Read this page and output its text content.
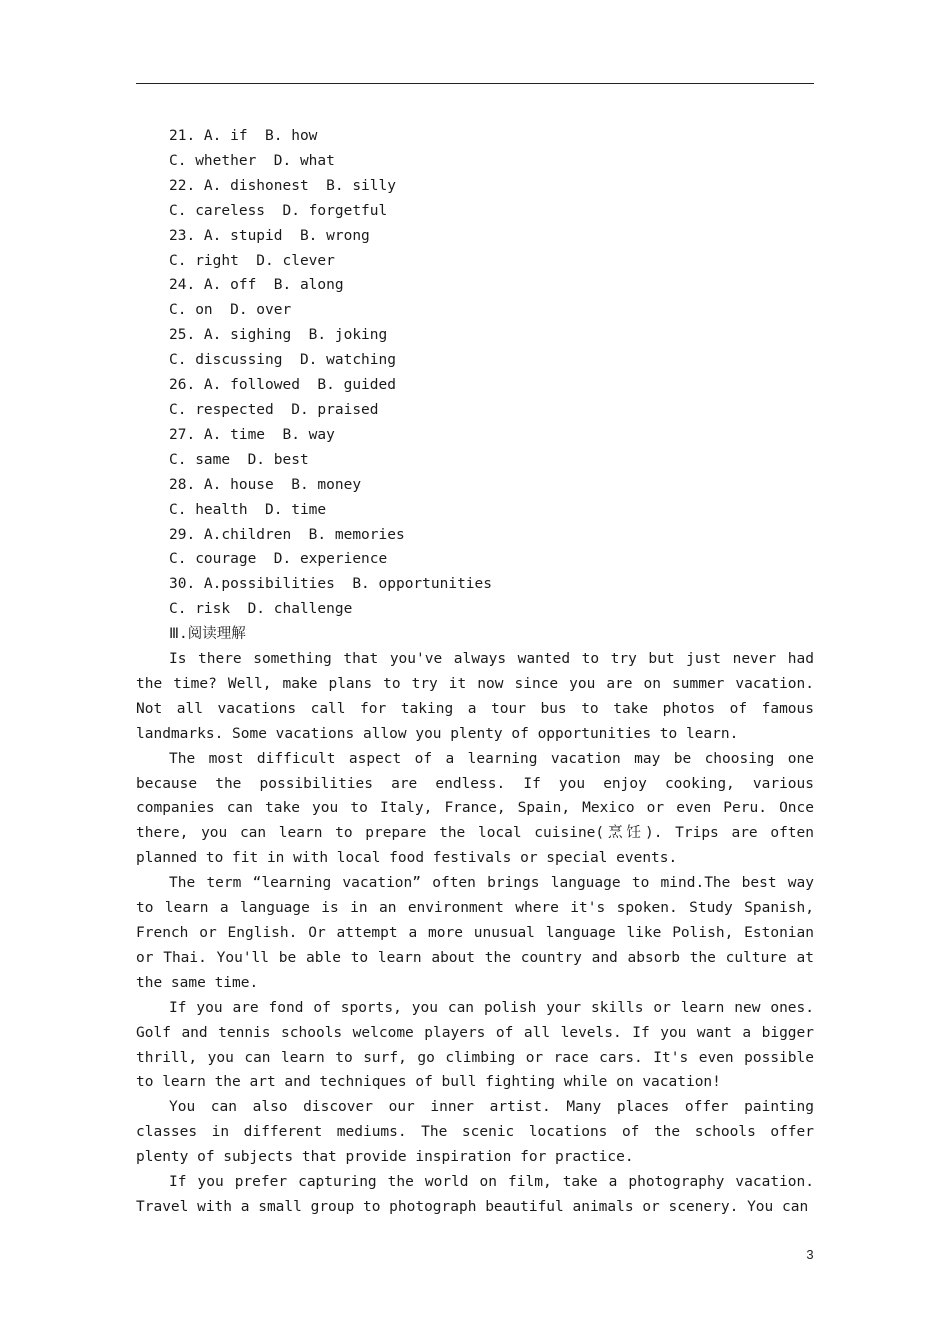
21. A. if  B. how
C. whether  D. what
22. A. dishonest  B. silly
C. careless  D. forgetful
23. A. stupid  B. wrong
C. right  D. clever
24. A. off  B. along
C. on  D. over
25. A. sighing  B. joking
C. discussing  D. watching
26. A. followed  B. guided
C. respected  D. praised
27. A. time  B. way
C. same  D. best
28. A. house  B. money
C. health  D. time
29. A.children  B. memories
C. courage  D. experience
30. A.possibilities  B. opportunities
C. risk  D. challenge
Ⅲ.阅读理解

Is there something that you've always wanted to try but just never had the time? Well, make plans to try it now since you are on summer vacation. Not all vacations call for taking a tour bus to take photos of famous landmarks. Some vacations allow you plenty of opportunities to learn.

The most difficult aspect of a learning vacation may be choosing one because the possibilities are endless. If you enjoy cooking, various companies can take you to Italy, France, Spain, Mexico or even Peru. Once there, you can learn to prepare the local cuisine(烹饪). Trips are often planned to fit in with local food festivals or special events.

The term “learning vacation” often brings language to mind.The best way to learn a language is in an environment where it's spoken. Study Spanish, French or English. Or attempt a more unusual language like Polish, Estonian or Thai. You'll be able to learn about the country and absorb the culture at the same time.

If you are fond of sports, you can polish your skills or learn new ones. Golf and tennis schools welcome players of all levels. If you want a bigger thrill, you can learn to surf, go climbing or race cars. It's even possible to learn the art and techniques of bull fighting while on vacation!

You can also discover our inner artist. Many places offer painting classes in different mediums. The scenic locations of the schools offer plenty of subjects that provide inspiration for practice.

If you prefer capturing the world on film, take a photography vacation. Travel with a small group to photograph beautiful animals or scenery. You can

3
